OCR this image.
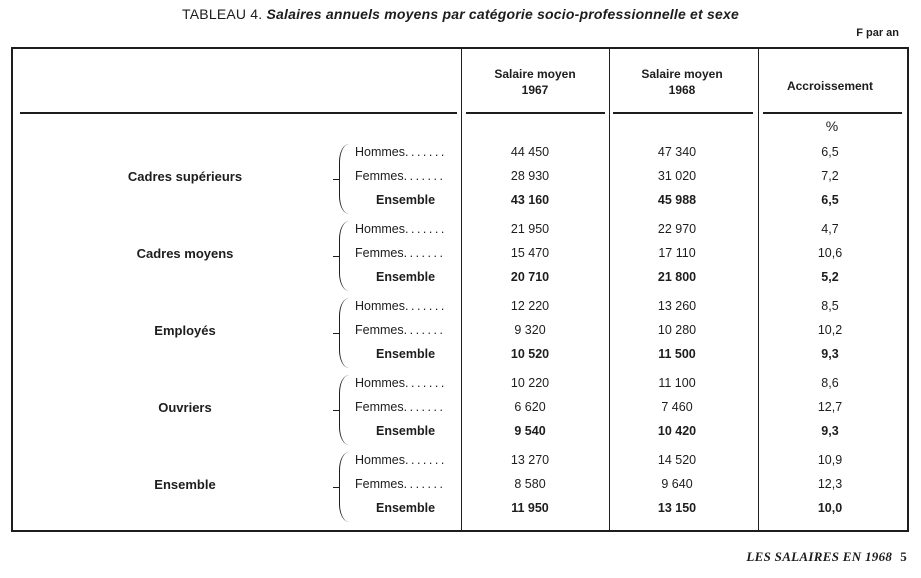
TABLEAU 4. Salaires annuels moyens par catégorie socio-professionnelle et sexe
F par an
Salaire moyen
1967
Salaire moyen
1968	Accroissement
%
Cadres supérieurs
Hommes.......	44 450	47 340	6,5
Femmes.......	28 930	31 020	7,2
Ensemble	43 160	45 988	6,5
Cadres moyens
Hommes.......	21 950	22 970	4,7
Femmes.......	15 470	17 110	10,6
Ensemble	20 710	21 800	5,2
Employés
Hommes.......	12 220	13 260	8,5
Femmes.......	9 320	10 280	10,2
Ensemble	10 520	11 500	9,3
Ouvriers
Hommes.......	10 220	11 100	8,6
Femmes.......	6 620	7 460	12,7
Ensemble	9 540	10 420	9,3
Ensemble
Hommes.......	13 270	14 520	10,9
Femmes.......	8 580	9 640	12,3
Ensemble	11 950	13 150	10,0
LES SALAIRES EN 1968 5
